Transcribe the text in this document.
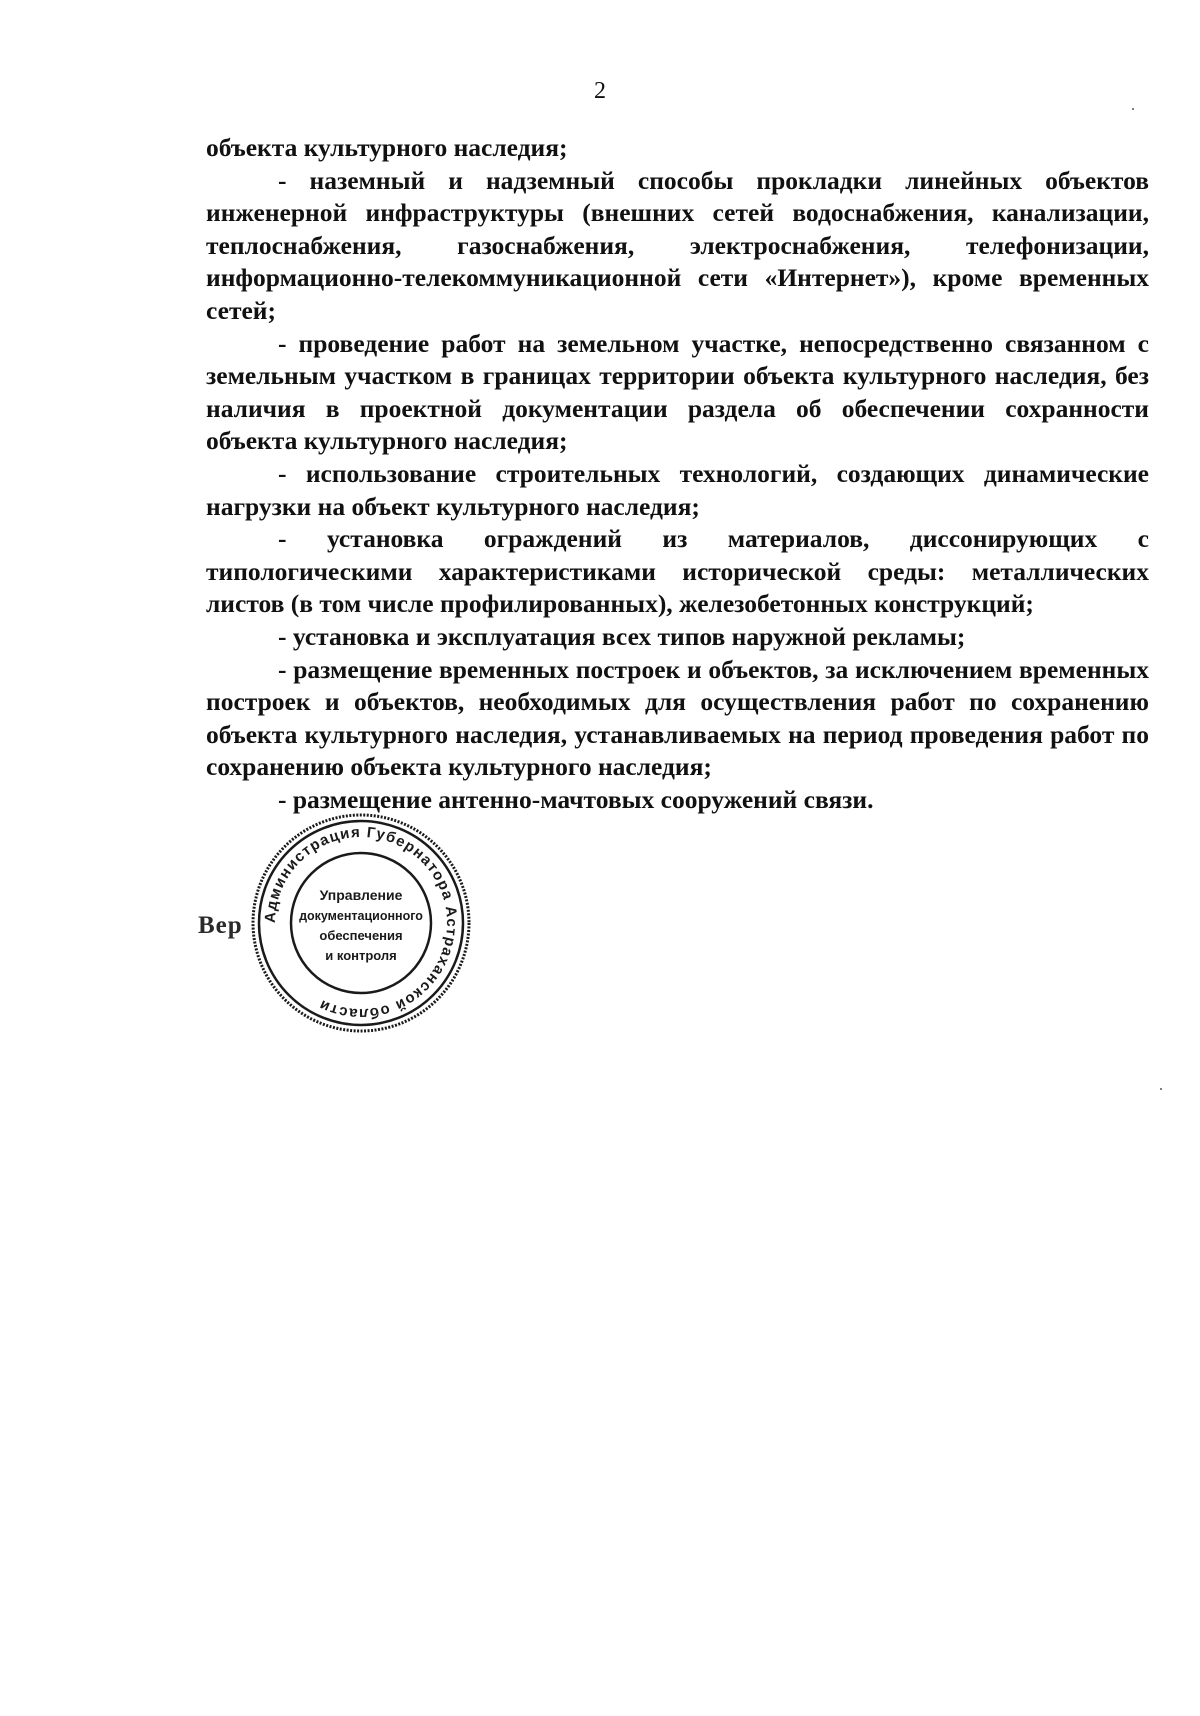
2

объекта культурного наследия;

- наземный и надземный способы прокладки линейных объектов инженерной инфраструктуры (внешних сетей водоснабжения, канализации, теплоснабжения, газоснабжения, электроснабжения, телефонизации, информационно-телекоммуникационной сети «Интернет»), кроме временных сетей;

- проведение работ на земельном участке, непосредственно связанном с земельным участком в границах территории объекта культурного наследия, без наличия в проектной документации раздела об обеспечении сохранности объекта культурного наследия;

- использование строительных технологий, создающих динамические нагрузки на объект культурного наследия;

- установка ограждений из материалов, диссонирующих с типологическими характеристиками исторической среды: металлических листов (в том числе профилированных), железобетонных конструкций;

- установка и эксплуатация всех типов наружной рекламы;

- размещение временных построек и объектов, за исключением временных построек и объектов, необходимых для осуществления работ по сохранению объекта культурного наследия, устанавливаемых на период проведения работ по сохранению объекта культурного наследия;

- размещение антенно-мачтовых сооружений связи.

Вер Администрация Губернатора Астраханской области
Управление
документационного
обеспечения
и контроля
